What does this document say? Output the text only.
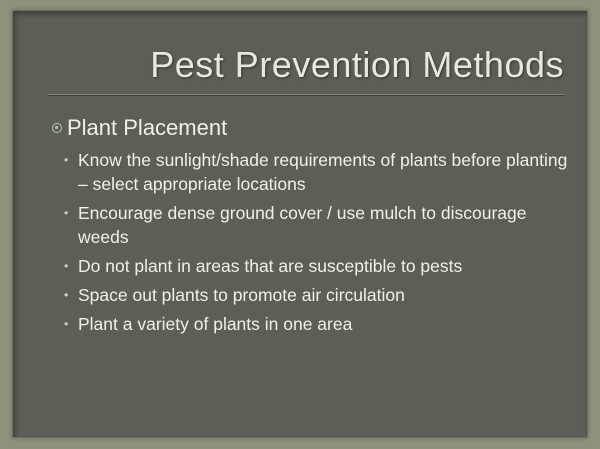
Pest Prevention Methods
Plant Placement
• Know the sunlight/shade requirements of plants before planting – select appropriate locations
• Encourage dense ground cover / use mulch to discourage weeds
• Do not plant in areas that are susceptible to pests
• Space out plants to promote air circulation
• Plant a variety of plants in one area
